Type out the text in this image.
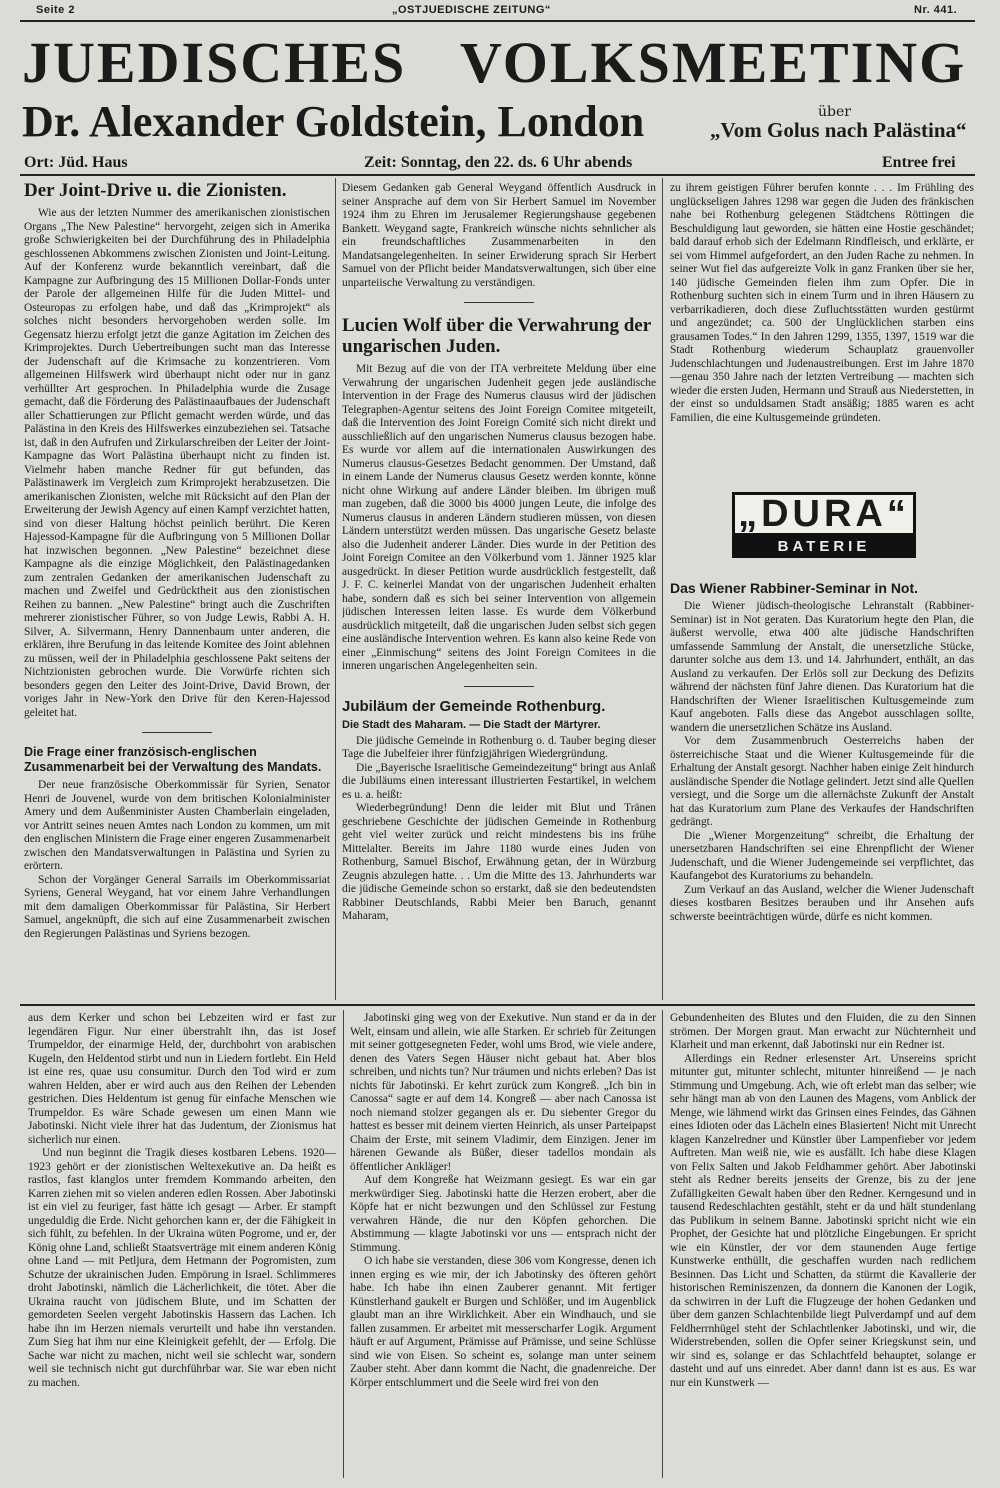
Seite 2	„OSTJUEDISCHE ZEITUNG“	Nr. 441.
JUEDISCHES VOLKSMEETING
Dr. Alexander Goldstein, London	über
„Vom Golus nach Palästina“
Ort: Jüd. Haus	Zeit: Sonntag, den 22. ds. 6 Uhr abends	Entree frei
Der Joint-Drive u. die Zionisten.

Wie aus der letzten Nummer des amerikanischen zionistischen Organs „The New Palestine“ hervorgeht, zeigen sich in Amerika große Schwierigkeiten bei der Durchführung des in Philadelphia geschlossenen Abkommens zwischen Zionisten und Joint-Leitung. Auf der Konferenz wurde bekanntlich vereinbart, daß die Kampagne zur Aufbringung des 15 Millionen Dollar-Fonds unter der Parole der allgemeinen Hilfe für die Juden Mittel- und Osteuropas zu erfolgen habe, und daß das „Krimprojekt“ als solches nicht besonders hervorgehoben werden solle. Im Gegensatz hierzu erfolgt jetzt die ganze Agitation im Zeichen des Krimprojektes. Durch Uebertreibungen sucht man das Interesse der Judenschaft auf die Krimsache zu konzentrieren. Vom allgemeinen Hilfswerk wird überhaupt nicht oder nur in ganz verhüllter Art gesprochen. In Philadelphia wurde die Zusage gemacht, daß die Förderung des Palästinaaufbaues der Judenschaft aller Schattierungen zur Pflicht gemacht werden würde, und das Palästina in den Kreis des Hilfswerkes einzubeziehen sei. Tatsache ist, daß in den Aufrufen und Zirkularschreiben der Leiter der Joint-Kampagne das Wort Palästina überhaupt nicht zu finden ist. Vielmehr haben manche Redner für gut befunden, das Palästinawerk im Vergleich zum Krimprojekt herabzusetzen. Die amerikanischen Zionisten, welche mit Rücksicht auf den Plan der Erweiterung der Jewish Agency auf einen Kampf verzichtet hatten, sind von dieser Haltung höchst peinlich berührt. Die Keren Hajessod-Kampagne für die Aufbringung von 5 Millionen Dollar hat inzwischen begonnen. „New Palestine“ bezeichnet diese Kampagne als die einzige Möglichkeit, den Palästinagedanken zum zentralen Gedanken der amerikanischen Judenschaft zu machen und Zweifel und Gedrücktheit aus den zionistischen Reihen zu bannen. „New Palestine“ bringt auch die Zuschriften mehrerer zionistischer Führer, so von Judge Lewis, Rabbi A. H. Silver, A. Silvermann, Henry Dannenbaum unter anderen, die erklären, ihre Berufung in das leitende Komitee des Joint ablehnen zu müssen, weil der in Philadelphia geschlossene Pakt seitens der Nichtzionisten gebrochen wurde. Die Vorwürfe richten sich besonders gegen den Leiter des Joint-Drive, David Brown, der voriges Jahr in New-York den Drive für den Keren-Hajessod geleitet hat.

Die Frage einer französisch-englischen Zusammenarbeit bei der Verwaltung des Mandats.

Der neue französische Oberkommissär für Syrien, Senator Henri de Jouvenel, wurde von dem britischen Kolonialminister Amery und dem Außenminister Austen Chamberlain eingeladen, vor Antritt seines neuen Amtes nach London zu kommen, um mit den englischen Ministern die Frage einer engeren Zusammenarbeit zwischen den Mandatsverwaltungen in Palästina und Syrien zu erörtern.

Schon der Vorgänger General Sarrails im Oberkommissariat Syriens, General Weygand, hat vor einem Jahre Verhandlungen mit dem damaligen Oberkommissar für Palästina, Sir Herbert Samuel, angeknüpft, die sich auf eine Zusammenarbeit zwischen den Regierungen Palästinas und Syriens bezogen.

Diesem Gedanken gab General Weygand öffentlich Ausdruck in seiner Ansprache auf dem von Sir Herbert Samuel im November 1924 ihm zu Ehren im Jerusalemer Regierungshause gegebenen Bankett. Weygand sagte, Frankreich wünsche nichts sehnlicher als ein freundschaftliches Zusammenarbeiten in den Mandatsangelegenheiten. In seiner Erwiderung sprach Sir Herbert Samuel von der Pflicht beider Mandatsverwaltungen, sich über eine unparteiische Verwaltung zu verständigen.

Lucien Wolf über die Verwahrung der ungarischen Juden.

Mit Bezug auf die von der ITA verbreitete Meldung über eine Verwahrung der ungarischen Judenheit gegen jede ausländische Intervention in der Frage des Numerus clausus wird der jüdischen Telegraphen-Agentur seitens des Joint Foreign Comitee mitgeteilt, daß die Intervention des Joint Foreign Comité sich nicht direkt und ausschließlich auf den ungarischen Numerus clausus bezogen habe. Es wurde vor allem auf die internationalen Auswirkungen des Numerus clausus-Gesetzes Bedacht genommen. Der Umstand, daß in einem Lande der Numerus clausus Gesetz werden konnte, könne nicht ohne Wirkung auf andere Länder bleiben. Im übrigen muß man zugeben, daß die 3000 bis 4000 jungen Leute, die infolge des Numerus clausus in anderen Ländern studieren müssen, von diesen Ländern unterstützt werden müssen. Das ungarische Gesetz belaste also die Judenheit anderer Länder. Dies wurde in der Petition des Joint Foreign Comitee an den Völkerbund vom 1. Jänner 1925 klar ausgedrückt. In dieser Petition wurde ausdrücklich festgestellt, daß J. F. C. keinerlei Mandat von der ungarischen Judenheit erhalten habe, sondern daß es sich bei seiner Intervention von allgemein jüdischen Interessen leiten lasse. Es wurde dem Völkerbund ausdrücklich mitgeteilt, daß die ungarischen Juden selbst sich gegen eine ausländische Intervention wehren. Es kann also keine Rede von einer „Einmischung“ seitens des Joint Foreign Comitees in die inneren ungarischen Angelegenheiten sein.

Jubiläum der Gemeinde Rothenburg.
Die Stadt des Maharam. — Die Stadt der Märtyrer.

Die jüdische Gemeinde in Rothenburg o. d. Tauber beging dieser Tage die Jubelfeier ihrer fünfzigjährigen Wiedergründung.

Die „Bayerische Israelitische Gemeindezeitung“ bringt aus Anlaß die Jubiläums einen interessant illustrierten Festartikel, in welchem es u. a. heißt:

Wiederbegründung! Denn die leider mit Blut und Tränen geschriebene Geschichte der jüdischen Gemeinde in Rothenburg geht viel weiter zurück und reicht mindestens bis ins frühe Mittelalter. Bereits im Jahre 1180 wurde eines Juden von Rothenburg, Samuel Bischof, Erwähnung getan, der in Würzburg Zeugnis abzulegen hatte. . . Um die Mitte des 13. Jahrhunderts war die jüdische Gemeinde schon so erstarkt, daß sie den bedeutendsten Rabbiner Deutschlands, Rabbi Meier ben Baruch, genannt Maharam,

zu ihrem geistigen Führer berufen konnte . . . Im Frühling des unglückseligen Jahres 1298 war gegen die Juden des fränkischen nahe bei Rothenburg gelegenen Städtchens Röttingen die Beschuldigung laut geworden, sie hätten eine Hostie geschändet; bald darauf erhob sich der Edelmann Rindfleisch, und erklärte, er sei vom Himmel aufgefordert, an den Juden Rache zu nehmen. In seiner Wut fiel das aufgereizte Volk in ganz Franken über sie her, 140 jüdische Gemeinden fielen ihm zum Opfer. Die in Rothenburg suchten sich in einem Turm und in ihren Häusern zu verbarrikadieren, doch diese Zufluchtsstätten wurden gestürmt und angezündet; ca. 500 der Unglücklichen starben eins grausamen Todes.“ In den Jahren 1299, 1355, 1397, 1519 war die Stadt Rothenburg wiederum Schauplatz grauenvoller Judenschlachtungen und Judenaustreibungen. Erst im Jahre 1870—genau 350 Jahre nach der letzten Vertreibung — machten sich wieder die ersten Juden, Hermann und Strauß aus Niederstetten, in der einst so unduldsamen Stadt ansäßig; 1885 waren es acht Familien, die eine Kultusgemeinde gründeten.

„DURA“
BATERIE
Das Wiener Rabbiner-Seminar in Not.

Die Wiener jüdisch-theologische Lehranstalt (Rabbiner-Seminar) ist in Not geraten. Das Kuratorium hegte den Plan, die äußerst wervolle, etwa 400 alte jüdische Handschriften umfassende Sammlung der Anstalt, die unersetzliche Stücke, darunter solche aus dem 13. und 14. Jahrhundert, enthält, an das Ausland zu verkaufen. Der Erlös soll zur Deckung des Defizits während der nächsten fünf Jahre dienen. Das Kuratorium hat die Handschriften der Wiener Israelitischen Kultusgemeinde zum Kauf angeboten. Falls diese das Angebot ausschlagen sollte, wandern die unersetzlichen Schätze ins Ausland.

Vor dem Zusammenbruch Oesterreichs haben der österreichische Staat und die Wiener Kultusgemeinde für die Erhaltung der Anstalt gesorgt. Nachher haben einige Zeit hindurch ausländische Spender die Notlage gelindert. Jetzt sind alle Quellen versiegt, und die Sorge um die allernächste Zukunft der Anstalt hat das Kuratorium zum Plane des Verkaufes der Handschriften gedrängt.

Die „Wiener Morgenzeitung“ schreibt, die Erhaltung der unersetzbaren Handschriften sei eine Ehrenpflicht der Wiener Judenschaft, und die Wiener Judengemeinde sei verpflichtet, das Kaufangebot des Kuratoriums zu behandeln.

Zum Verkauf an das Ausland, welcher die Wiener Judenschaft dieses kostbaren Besitzes berauben und ihr Ansehen aufs schwerste beeinträchtigen würde, dürfe es nicht kommen.

aus dem Kerker und schon bei Lebzeiten wird er fast zur legendären Figur. Nur einer überstrahlt ihn, das ist Josef Trumpeldor, der einarmige Held, der, durchbohrt von arabischen Kugeln, den Heldentod stirbt und nun in Liedern fortlebt. Ein Held ist eine res, quae usu consumitur. Durch den Tod wird er zum wahren Helden, aber er wird auch aus den Reihen der Lebenden gestrichen. Dies Heldentum ist genug für einfache Menschen wie Trumpeldor. Es wäre Schade gewesen um einen Mann wie Jabotinski. Nicht viele ihrer hat das Judentum, der Zionismus hat sicherlich nur einen.

Und nun beginnt die Tragik dieses kostbaren Lebens. 1920—1923 gehört er der zionistischen Weltexekutive an. Da heißt es rastlos, fast klanglos unter fremdem Kommando arbeiten, den Karren ziehen mit so vielen anderen edlen Rossen. Aber Jabotinski ist ein viel zu feuriger, fast hätte ich gesagt — Arber. Er stampft ungeduldig die Erde. Nicht gehorchen kann er, der die Fähigkeit in sich fühlt, zu befehlen. In der Ukraina wüten Pogrome, und er, der König ohne Land, schließt Staatsverträge mit einem anderen König ohne Land — mit Petljura, dem Hetmann der Pogromisten, zum Schutze der ukrainischen Juden. Empörung in Israel. Schlimmeres droht Jabotinski, nämlich die Lächerlichkeit, die tötet. Aber die Ukraina raucht von jüdischem Blute, und im Schatten der gemordeten Seelen vergeht Jabotinskis Hassern das Lachen. Ich habe ihn im Herzen niemals verurteilt und habe ihn verstanden. Zum Sieg hat ihm nur eine Kleinigkeit gefehlt, der — Erfolg. Die Sache war nicht zu machen, nicht weil sie schlecht war, sondern weil sie technisch nicht gut durchführbar war. Sie war eben nicht zu machen.

Jabotinski ging weg von der Exekutive. Nun stand er da in der Welt, einsam und allein, wie alle Starken. Er schrieb für Zeitungen mit seiner gottgesegneten Feder, wohl ums Brod, wie viele andere, denen des Vaters Segen Häuser nicht gebaut hat. Aber blos schreiben, und nichts tun? Nur träumen und nichts erleben? Das ist nichts für Jabotinski. Er kehrt zurück zum Kongreß. „Ich bin in Canossa“ sagte er auf dem 14. Kongreß — aber nach Canossa ist noch niemand stolzer gegangen als er. Du siebenter Gregor du hattest es besser mit deinem vierten Heinrich, als unser Parteipapst Chaim der Erste, mit seinem Vladimir, dem Einzigen. Jener im härenen Gewande als Büßer, dieser tadellos mondain als öffentlicher Ankläger!

Auf dem Kongreße hat Weizmann gesiegt. Es war ein gar merkwürdiger Sieg. Jabotinski hatte die Herzen erobert, aber die Köpfe hat er nicht bezwungen und den Schlüssel zur Festung verwahren Hände, die nur den Köpfen gehorchen. Die Abstimmung — klagte Jabotinski vor uns — entsprach nicht der Stimmung.

O ich habe sie verstanden, diese 306 vom Kongresse, denen ich innen erging es wie mir, der ich Jabotinsky des öfteren gehört habe. Ich habe ihn einen Zauberer genannt. Mit fertiger Künstlerhand gaukelt er Burgen und Schlößer, und im Augenblick glaubt man an ihre Wirklichkeit. Aber ein Windhauch, und sie fallen zusammen. Er arbeitet mit messerscharfer Logik. Argument häuft er auf Argument, Prämisse auf Prämisse, und seine Schlüsse sind wie von Eisen. So scheint es, solange man unter seinem Zauber steht. Aber dann kommt die Nacht, die gnadenreiche. Der Körper entschlummert und die Seele wird frei von den

Gebundenheiten des Blutes und den Fluiden, die zu den Sinnen strömen. Der Morgen graut. Man erwacht zur Nüchternheit und Klarheit und man erkennt, daß Jabotinski nur ein Redner ist.

Allerdings ein Redner erlesenster Art. Unsereins spricht mitunter gut, mitunter schlecht, mitunter hinreißend — je nach Stimmung und Umgebung. Ach, wie oft erlebt man das selber; wie sehr hängt man ab von den Launen des Magens, vom Anblick der Menge, wie lähmend wirkt das Grinsen eines Feindes, das Gähnen eines Idioten oder das Lächeln eines Blasierten! Nicht mit Unrecht klagen Kanzelredner und Künstler über Lampenfieber vor jedem Auftreten. Man weiß nie, wie es ausfällt. Ich habe diese Klagen von Felix Salten und Jakob Feldhammer gehört. Aber Jabotinski steht als Redner bereits jenseits der Grenze, bis zu der jene Zufälligkeiten Gewalt haben über den Redner. Kerngesund und in tausend Redeschlachten gestählt, steht er da und hält stundenlang das Publikum in seinem Banne. Jabotinski spricht nicht wie ein Prophet, der Gesichte hat und plötzliche Eingebungen. Er spricht wie ein Künstler, der vor dem staunenden Auge fertige Kunstwerke enthüllt, die geschaffen wurden nach redlichem Besinnen. Das Licht und Schatten, da stürmt die Kavallerie der historischen Reminiszenzen, da donnern die Kanonen der Logik, da schwirren in der Luft die Flugzeuge der hohen Gedanken und über dem ganzen Schlachtenbilde liegt Pulverdampf und auf dem Feldherrnhügel steht der Schlachtlenker Jabotinski, und wir, die Widerstrebenden, sollen die Opfer seiner Kriegskunst sein, und wir sind es, solange er das Schlachtfeld behauptet, solange er dasteht und auf uns einredet. Aber dann! dann ist es aus. Es war nur ein Kunstwerk —
